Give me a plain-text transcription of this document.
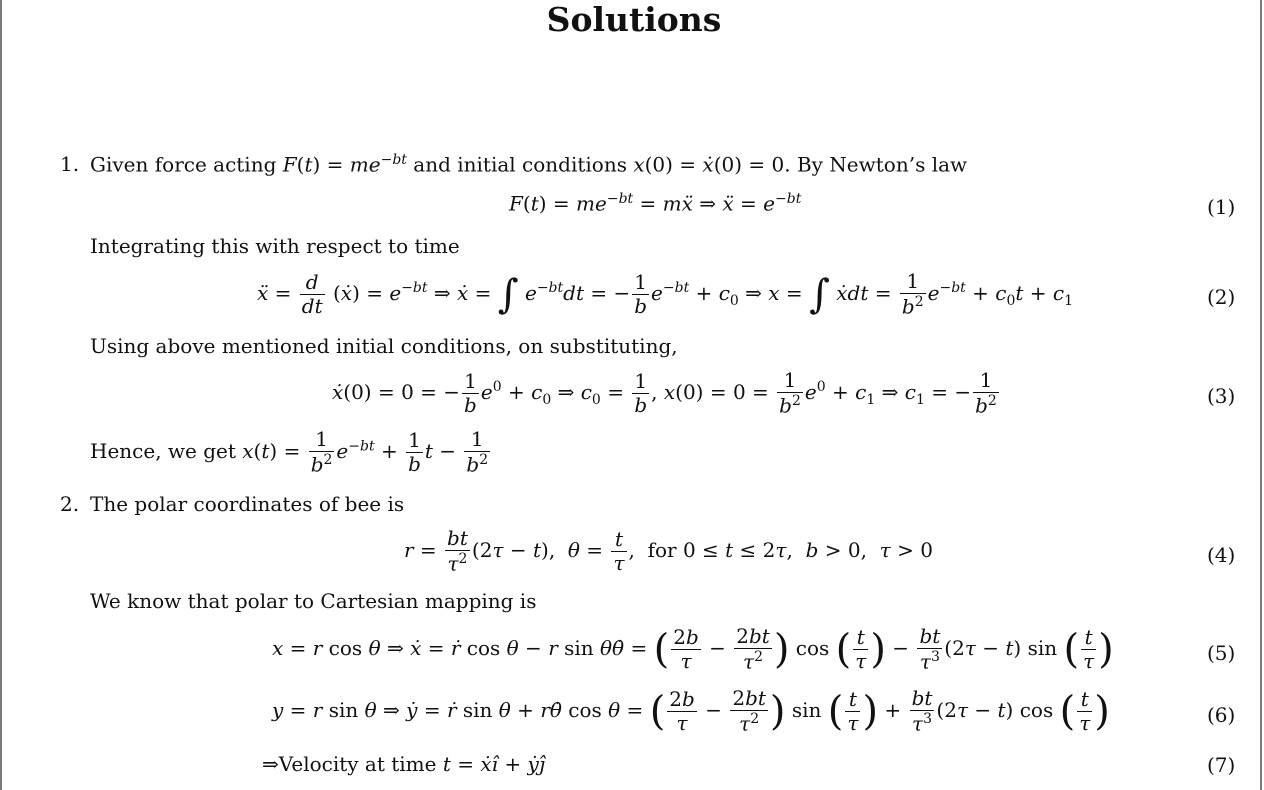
Solutions
1. Given force acting $F(t) = me^{-bt}$ and initial conditions x(0) = ẋ(0) = 0. By Newton’s law
$F(t) = me^{-bt}$ = mẍ ⇒ ẍ = $e^{-bt}$	(1)
Integrating this with respect to time
ẍ = $\frac{d}{dt}$ (ẋ) = $e^{-bt}$ ⇒ ẋ = ∫ $e^{-bt}dt$ = − $\frac{1}{b} e^{-bt} + c_0$ ⇒ x = ∫ ẋdt = $\frac{1}{b^2} e^{-bt} + c_0t + c_1$	(2)
Using above mentioned initial conditions, on substituting,
ẋ(0) = 0 = − $\frac{1}{b} e^0 + c_0$ ⇒ $c_0 = \frac{1}{b}$ , $x(0) = 0 = \frac{1}{b^2} e^0 + c_1$ ⇒ $c_1$ = − $\frac{1}{b^2}$	(3)
Hence, we get $x(t) = \frac{1}{b^2} e^{-bt} + \frac{1}{b}$ $t - \frac{1}{b^2}$
2. The polar coordinates of bee is
$r = \frac{bt}{\tau^2} (2\tau - t)$,  $\theta = \frac{t}{\tau}$ ,  for 0 ≤ t ≤ 2τ,  b > 0,  τ > 0	(4)
We know that polar to Cartesian mapping is
x = r cos θ ⇒ ẋ = ṙ cos θ − r sin θθ̇ = ( $\frac{2b}{\tau} - \frac{2bt}{\tau^2}$ ) cos ( $\frac{t}{\tau}$ ) − $\frac{bt}{\tau^3} (2\tau - t)$ sin ( $\frac{t}{\tau}$ )	(5)
y = r sin θ ⇒ ẏ = ṙ sin θ + rθ̇ cos θ = ( $\frac{2b}{\tau} - \frac{2bt}{\tau^2}$ ) sin ( $\frac{t}{\tau}$ ) + $\frac{bt}{\tau^3} (2\tau - t)$ cos ( $\frac{t}{\tau}$ )	(6)
⇒Velocity at time t = ẋî + ẏĵ	(7)
